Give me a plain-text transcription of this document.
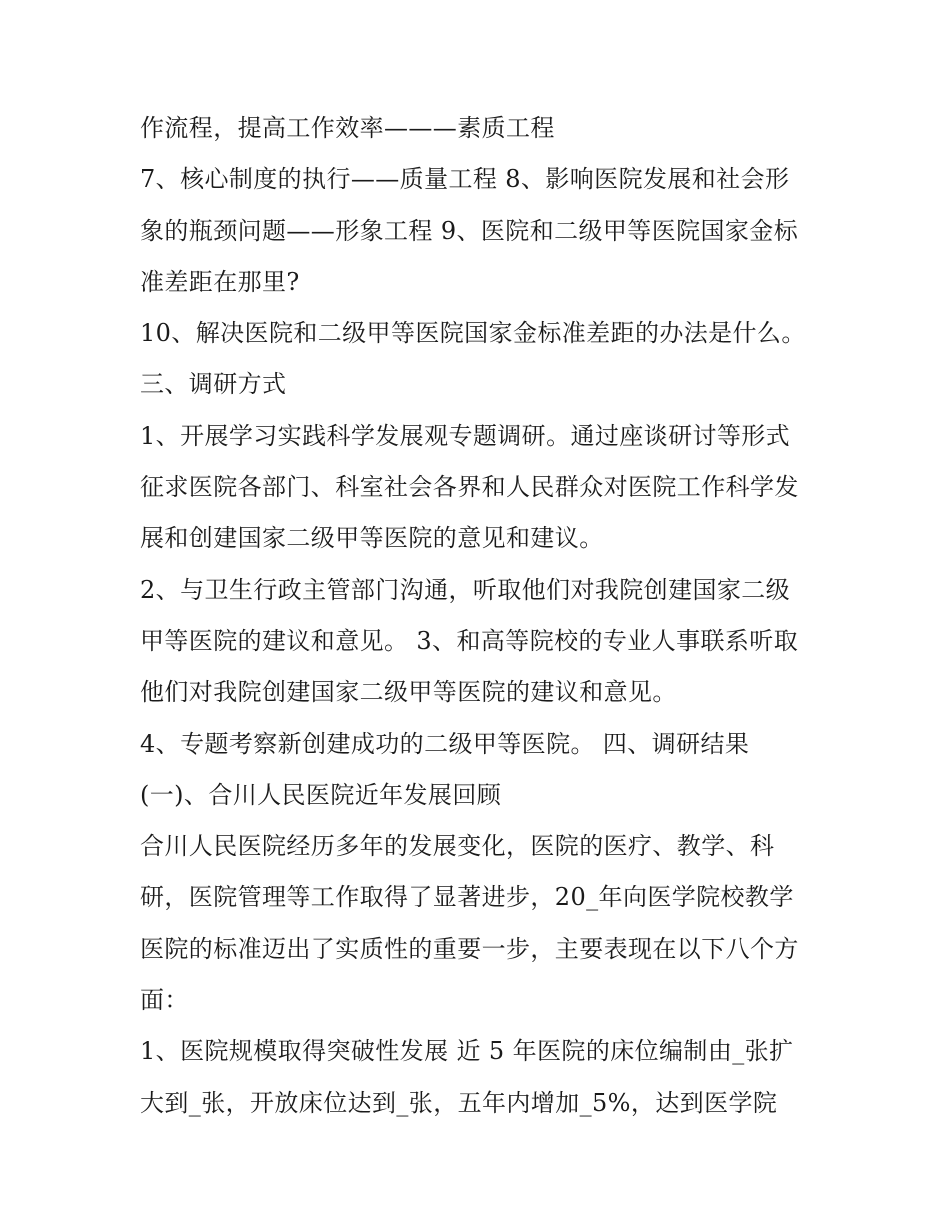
作流程，提高工作效率———素质工程
7、核心制度的执行——质量工程 8、影响医院发展和社会形
象的瓶颈问题——形象工程 9、医院和二级甲等医院国家金标
准差距在那里?
10、解决医院和二级甲等医院国家金标准差距的办法是什么。
三、调研方式
1、开展学习实践科学发展观专题调研。通过座谈研讨等形式
征求医院各部门、科室社会各界和人民群众对医院工作科学发
展和创建国家二级甲等医院的意见和建议。
2、与卫生行政主管部门沟通，听取他们对我院创建国家二级
甲等医院的建议和意见。 3、和高等院校的专业人事联系听取
他们对我院创建国家二级甲等医院的建议和意见。
4、专题考察新创建成功的二级甲等医院。 四、调研结果
(一)、合川人民医院近年发展回顾
合川人民医院经历多年的发展变化，医院的医疗、教学、科
研，医院管理等工作取得了显著进步，20_年向医学院校教学
医院的标准迈出了实质性的重要一步，主要表现在以下八个方
面：
1、医院规模取得突破性发展 近 5 年医院的床位编制由_张扩
大到_张，开放床位达到_张，五年内增加_5%，达到医学院
